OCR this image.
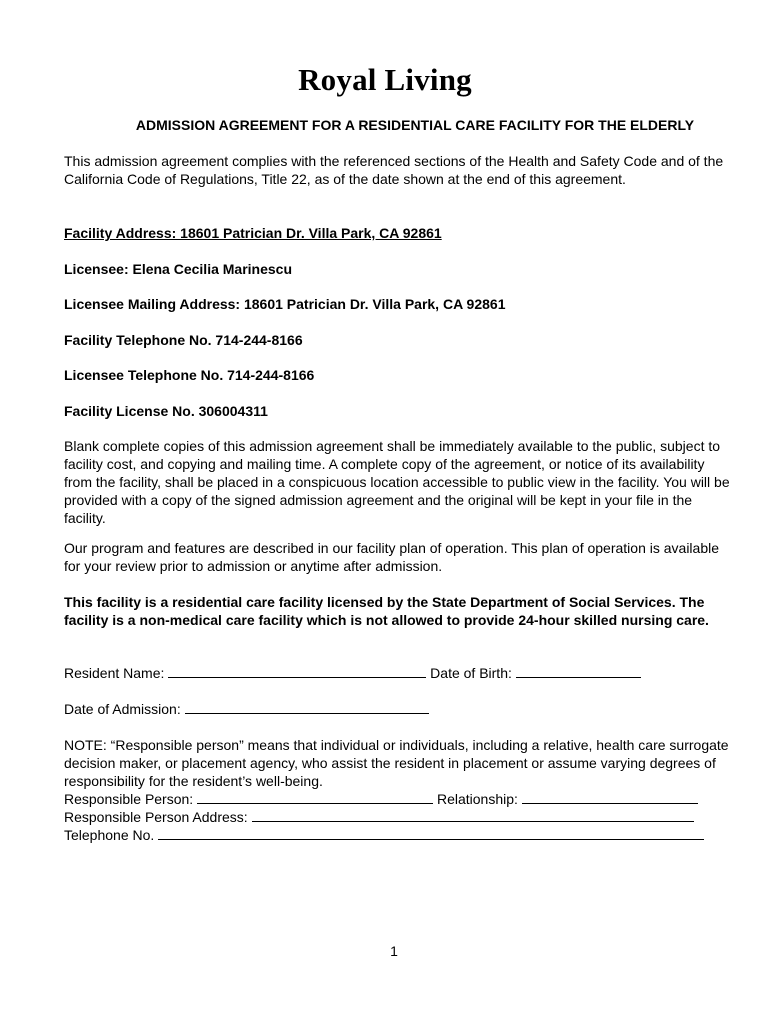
Royal Living
ADMISSION AGREEMENT FOR A RESIDENTIAL CARE FACILITY FOR THE ELDERLY

This admission agreement complies with the referenced sections of the Health and Safety Code and of the California Code of Regulations, Title 22, as of the date shown at the end of this agreement.

Facility Address: 18601 Patrician Dr. Villa Park, CA 92861

Licensee: Elena Cecilia Marinescu

Licensee Mailing Address: 18601 Patrician Dr. Villa Park, CA 92861

Facility Telephone No. 714-244-8166

Licensee Telephone No. 714-244-8166

Facility License No. 306004311

Blank complete copies of this admission agreement shall be immediately available to the public, subject to facility cost, and copying and mailing time. A complete copy of the agreement, or notice of its availability from the facility, shall be placed in a conspicuous location accessible to public view in the facility. You will be provided with a copy of the signed admission agreement and the original will be kept in your file in the facility.

Our program and features are described in our facility plan of operation. This plan of operation is available for your review prior to admission or anytime after admission.

This facility is a residential care facility licensed by the State Department of Social Services. The facility is a non-medical care facility which is not allowed to provide 24-hour skilled nursing care.

Resident Name:	Date of Birth:
Date of Admission:

NOTE: “Responsible person” means that individual or individuals, including a relative, health care surrogate decision maker, or placement agency, who assist the resident in placement or assume varying degrees of responsibility for the resident’s well-being.

Responsible Person:	Relationship:
Responsible Person Address:
Telephone No.
1
